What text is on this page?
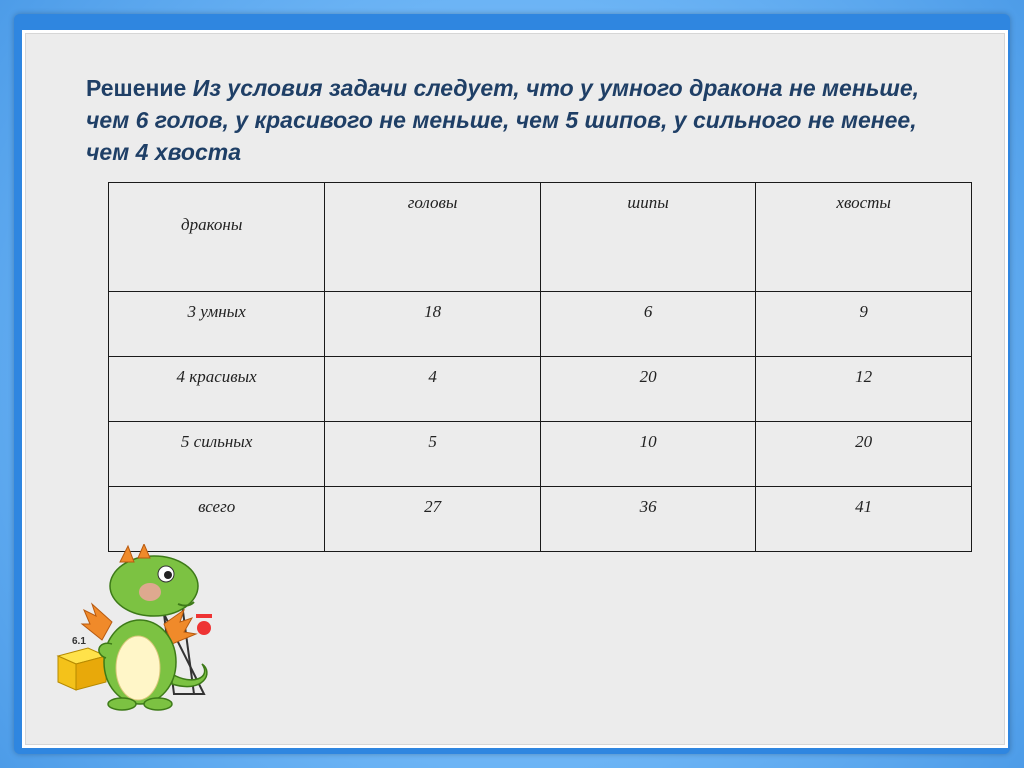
Решение Из условия задачи следует, что у умного дракона не меньше, чем 6 голов, у красивого не меньше, чем 5 шипов, у сильного не менее, чем 4 хвоста

драконы	головы	шипы	хвосты

3 умных	18	6	9

4 красивых	4	20	12

5 сильных	5	10	20

всего	27	36	41
6.1
